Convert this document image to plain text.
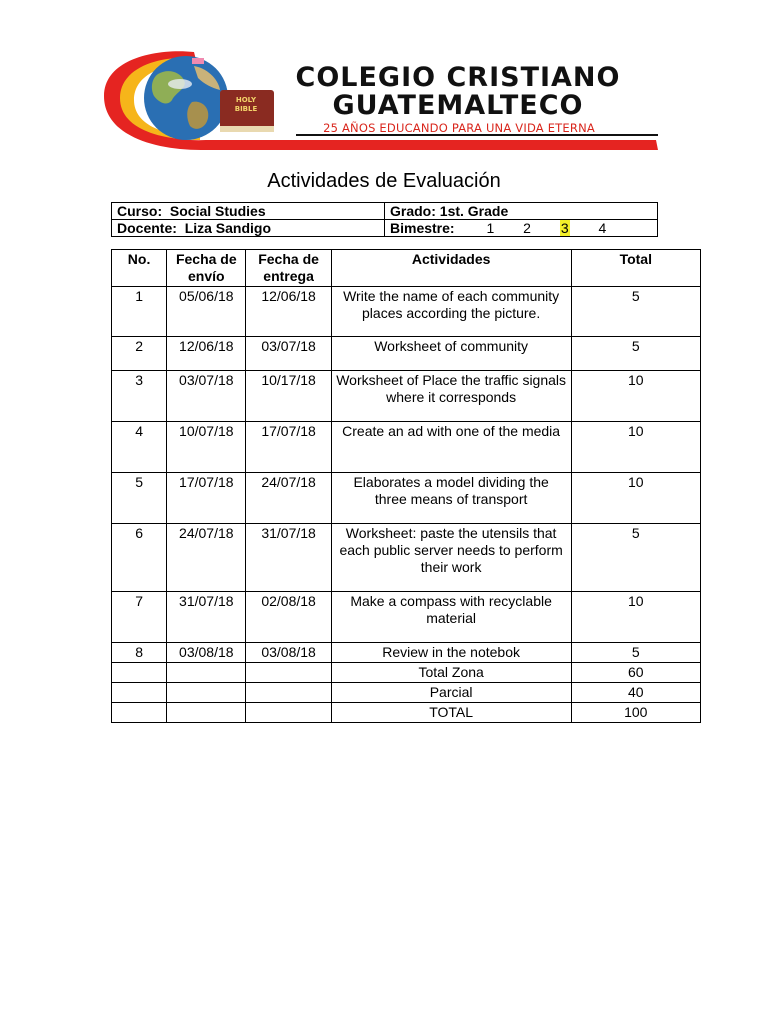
HOLY
BIBLE
COLEGIO CRISTIANO
GUATEMALTECO
25 AÑOS EDUCANDO PARA UNA VIDA ETERNA
Actividades de Evaluación
Curso: Social Studies	Grado: 1st. Grade
Docente: Liza Sandigo	Bimestre: 1 2 3 4
No.	Fecha de envío	Fecha de entrega	Actividades	Total
1	05/06/18	12/06/18	Write the name of each community places according the picture.	5
2	12/06/18	03/07/18	Worksheet of community	5
3	03/07/18	10/17/18	Worksheet of Place the traffic signals where it corresponds	10
4	10/07/18	17/07/18	Create an ad with one of the media	10
5	17/07/18	24/07/18	Elaborates a model dividing the three means of transport	10
6	24/07/18	31/07/18	Worksheet: paste the utensils that each public server needs to perform their work	5
7	31/07/18	02/08/18	Make a compass with recyclable material	10
8	03/08/18	03/08/18	Review in the notebok	5
			Total Zona	60
			Parcial	40
			TOTAL	100
